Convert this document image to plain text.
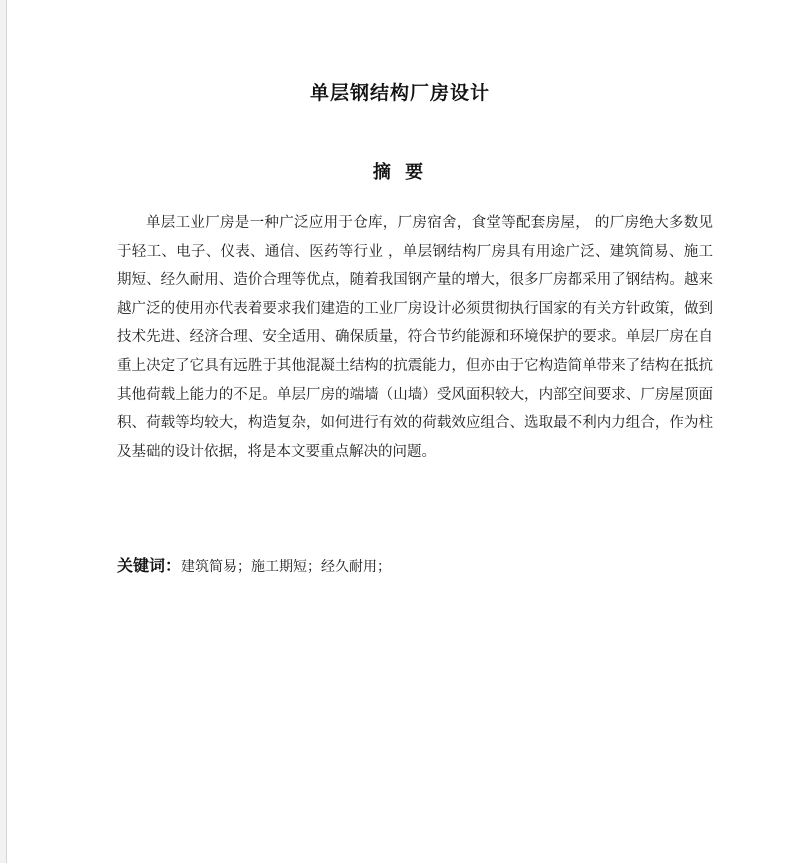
单层钢结构厂房设计
摘 要

单层工业厂房是一种广泛应用于仓库，厂房宿舍，食堂等配套房屋， 的厂房绝大多数见于轻工、电子、仪表、通信、医药等行业 ，单层钢结构厂房具有用途广泛、建筑简易、施工期短、经久耐用、造价合理等优点，随着我国钢产量的增大，很多厂房都采用了钢结构。越来越广泛的使用亦代表着要求我们建造的工业厂房设计必须贯彻执行国家的有关方针政策，做到技术先进、经济合理、安全适用、确保质量，符合节约能源和环境保护的要求。单层厂房在自重上决定了它具有远胜于其他混凝土结构的抗震能力，但亦由于它构造简单带来了结构在抵抗其他荷载上能力的不足。单层厂房的端墙（山墙）受风面积较大，内部空间要求、厂房屋顶面积、荷载等均较大，构造复杂，如何进行有效的荷载效应组合、选取最不利内力组合，作为柱及基础的设计依据，将是本文要重点解决的问题。

关键词：建筑简易；施工期短；经久耐用；
